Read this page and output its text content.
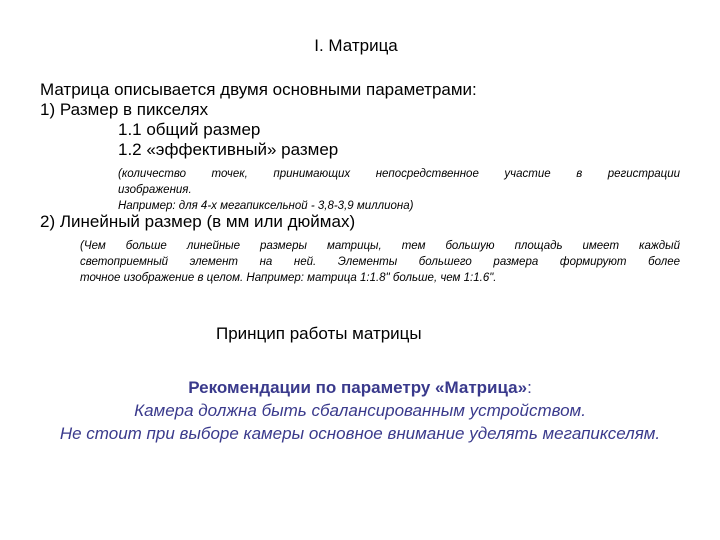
I. Матрица
Матрица описывается двумя основными параметрами:
1) Размер в пикселях
1.1 общий размер
1.2 «эффективный» размер
(количество точек, принимающих непосредственное участие в регистрации
изображения.
Например: для 4-х мегапиксельной - 3,8-3,9 миллиона)
2) Линейный размер (в мм или дюймах)
(Чем больше линейные размеры матрицы, тем большую площадь имеет каждый
светоприемный элемент на ней. Элементы большего размера формируют более
точное изображение в целом. Например: матрица 1:1.8" больше, чем 1:1.6".
Принцип работы матрицы
Рекомендации по параметру «Матрица»:
Камера должна быть сбалансированным устройством.
Не стоит при выборе камеры основное внимание уделять мегапикселям.
